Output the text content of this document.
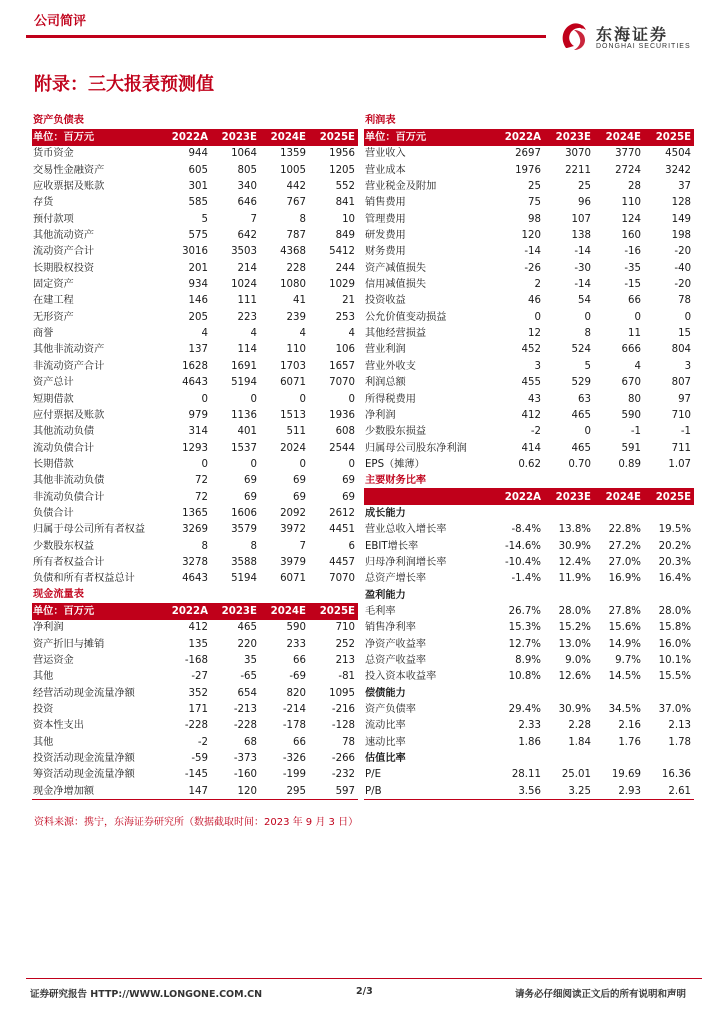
公司简评
东海证券
DONGHAI SECURITIES
附录：三大报表预测值
资产负债表				
单位：百万元	2022A	2023E	2024E	2025E
货币资金	944	1064	1359	1956
交易性金融资产	605	805	1005	1205
应收票据及账款	301	340	442	552
存货	585	646	767	841
预付款项	5	7	8	10
其他流动资产	575	642	787	849
流动资产合计	3016	3503	4368	5412
长期股权投资	201	214	228	244
固定资产	934	1024	1080	1029
在建工程	146	111	41	21
无形资产	205	223	239	253
商誉	4	4	4	4
其他非流动资产	137	114	110	106
非流动资产合计	1628	1691	1703	1657
资产总计	4643	5194	6071	7070
短期借款	0	0	0	0
应付票据及账款	979	1136	1513	1936
其他流动负债	314	401	511	608
流动负债合计	1293	1537	2024	2544
长期借款	0	0	0	0
其他非流动负债	72	69	69	69
非流动负债合计	72	69	69	69
负债合计	1365	1606	2092	2612
归属于母公司所有者权益	3269	3579	3972	4451
少数股东权益	8	8	7	6
所有者权益合计	3278	3588	3979	4457
负债和所有者权益总计	4643	5194	6071	7070
现金流量表				
单位：百万元	2022A	2023E	2024E	2025E
净利润	412	465	590	710
资产折旧与摊销	135	220	233	252
营运资金	-168	35	66	213
其他	-27	-65	-69	-81
经营活动现金流量净额	352	654	820	1095
投资	171	-213	-214	-216
资本性支出	-228	-228	-178	-128
其他	-2	68	66	78
投资活动现金流量净额	-59	-373	-326	-266
筹资活动现金流量净额	-145	-160	-199	-232
现金净增加额	147	120	295	597
利润表				
单位：百万元	2022A	2023E	2024E	2025E
营业收入	2697	3070	3770	4504
营业成本	1976	2211	2724	3242
营业税金及附加	25	25	28	37
销售费用	75	96	110	128
管理费用	98	107	124	149
研发费用	120	138	160	198
财务费用	-14	-14	-16	-20
资产减值损失	-26	-30	-35	-40
信用减值损失	2	-14	-15	-20
投资收益	46	54	66	78
公允价值变动损益	0	0	0	0
其他经营损益	12	8	11	15
营业利润	452	524	666	804
营业外收支	3	5	4	3
利润总额	455	529	670	807
所得税费用	43	63	80	97
净利润	412	465	590	710
少数股东损益	-2	0	-1	-1
归属母公司股东净利润	414	465	591	711
EPS（摊薄）	0.62	0.70	0.89	1.07
主要财务比率				
	2022A	2023E	2024E	2025E
成长能力				
营业总收入增长率	-8.4%	13.8%	22.8%	19.5%
EBIT增长率	-14.6%	30.9%	27.2%	20.2%
归母净利润增长率	-10.4%	12.4%	27.0%	20.3%
总资产增长率	-1.4%	11.9%	16.9%	16.4%
盈利能力				
毛利率	26.7%	28.0%	27.8%	28.0%
销售净利率	15.3%	15.2%	15.6%	15.8%
净资产收益率	12.7%	13.0%	14.9%	16.0%
总资产收益率	8.9%	9.0%	9.7%	10.1%
投入资本收益率	10.8%	12.6%	14.5%	15.5%
偿债能力				
资产负债率	29.4%	30.9%	34.5%	37.0%
流动比率	2.33	2.28	2.16	2.13
速动比率	1.86	1.84	1.76	1.78
估值比率				
P/E	28.11	25.01	19.69	16.36
P/B	3.56	3.25	2.93	2.61
资料来源：携宁，东海证券研究所（数据截取时间：2023 年 9 月 3 日）
证券研究报告 HTTP://WWW.LONGONE.COM.CN	2/3	请务必仔细阅读正文后的所有说明和声明
